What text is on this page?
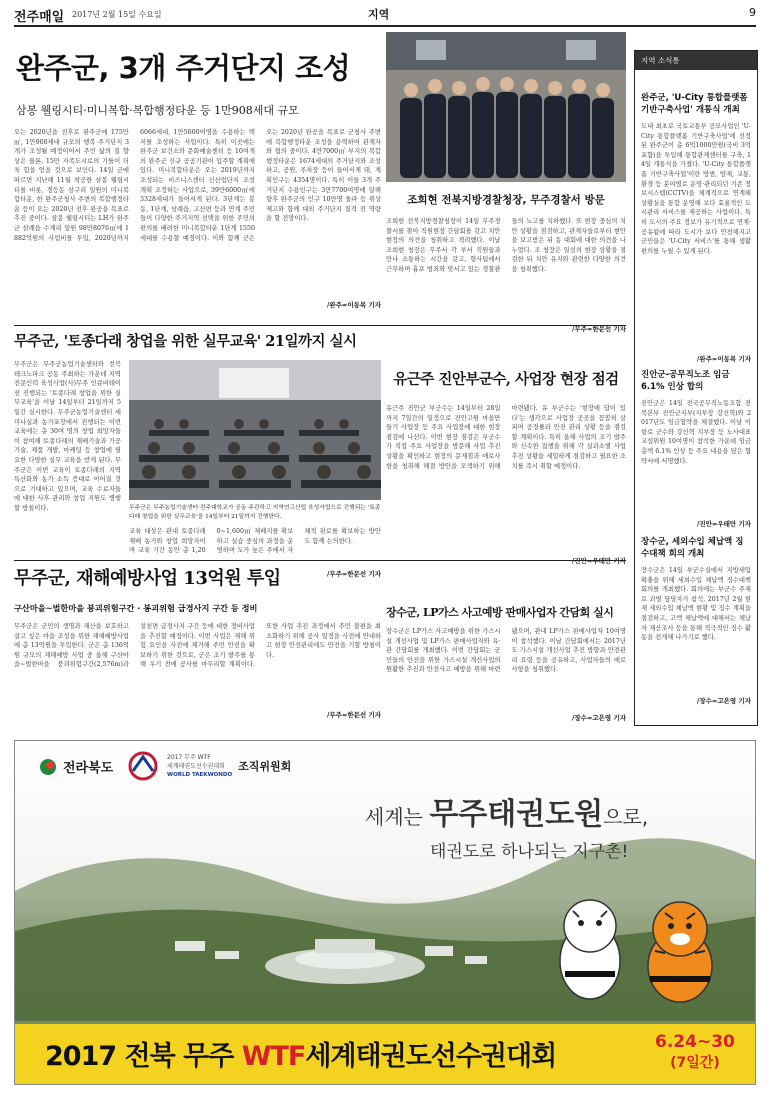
전주매일 2017년 2월 15일 수요일	지역	9
완주군, 3개 주거단지 조성
삼봉 웰링시티·미니복합·복합행정타운 등 1만908세대 규모
오는 2020년을 전후로 완주군에 175만㎡, 1만908세대 규모의 행복 주거단지 3개가 조성될 예정이어서 주민 삶의 질 향상은 물론, 15만 자족도시로의 기틀이 더욱 힘을 얻을 것으로 보인다. 14일 군에 따르면 지난해 11월 착공한 삼봉 웰링시티를 비롯, 경등동 삼구리 일원의 미니복합타운, 한 완주군청사 주변의 복합행정타운 등이 오는 2020년 전후 완공을 목표로 추진 중이다. 삼봉 웰링시티는 LH가 완주군 삼례읍 수계리 일원 98만8076㎡에 1882억원의 사업비를 투입, 2020년까지 6066세대, 1만5000여명을 수용하는 택지를 조성하는 사업이다. 특히 이곳에는 완주군 보건소와 문화예술센터 등 10여개의 완주군 신규 공공기관이 입주할 계획에 있다. 미니복합타운은 오는 2019년까지 조성되는 비즈니스센터 신산업단지 조성계획 조정하는 사업으로, 39만6000㎡에 3328세대가 들어서게 된다. 3단계는 봉동, 1단계, 삼례읍, 고산면 등과 연계 주민들이 다양한 주거지역 선택을 위한 주민의 편의를 배려한 미니복합타운 1단계 1550세대를 수용할 예정이다. 이와 함께 군은 오는 2020년 완공을 목표로 군청사 주변에 복합행정타운 조성을 용역하여 관계자와 협의 중이다. 4만7000㎡ 부지의 복합행정타운은 1674세대의 주거단지와 조성하고, 공원, 주차장 등이 들어서게 돼, 계획인구는 4354명이다. 특히 이들 3개 주거단지 수용인구는 3만7700여명에 달해 향후 완주군의 인구 10만명 돌파 등 위상 제고와 함께 대외 주거단지 질적 전 역량을 할 전망이다.
/완주=이동복 기자
조희현 전북지방경찰청장, 무주경찰서 방문
조희현 전북지방경찰청장이 14일 무주경찰서를 찾아 직원현장 간담회를 갖고 치안현장의 의견을 청취하고 격려했다. 이날 조희현 청장은 무주서 각 부서 직원들과 만나 소통하는 시간을 갖고, 형사팀에서 근무하며 흉포 범죄와 맞서고 있는 경찰관들의 노고를 치하했다. 또 현장 중심의 치안 상황을 점검하고, 관계자들로부터 현안을 보고받은 뒤 동 대회에 대한 의견을 나누었다. 조 청장은 일선의 현장 상황을 점검한 뒤 치안 유지와 관련한 다양한 의견을 청취했다.
/무주=한문선 기자
지역 소식통
완주군, 'U-City 통합플랫폼 기반구축사업' 개통식 개최
도내 최초로 국토교통부 공모사업인 'U-City 통합플랫폼 기반구축사업'에 선정된 완주군이 총 6억1000만원(국비 3억 포함)을 투입해 통합관제센터를 구축, 14일 개통식을 가졌다. 'U-City 통합플랫폼 기반구축사업'이란 방범, 방재, 교통, 환경 등 분야별로 운영·관리되던 기존 정보시스템(CCTV)을 체계적으로 연계해 상황실을 통합 운영해 보다 효율적인 도시관리 서비스를 제공하는 사업이다. 특히 도시의 주요 정보가 유기적으로 연계·공유됨에 따라 도시가 보다 안전해지고 군민들은 'U-City 서비스'를 통해 생활편의를 누릴 수 있게 된다.
/완주=이동복 기자
진안군-공무직노조 임금 6.1% 인상 합의
진안군은 14일 전국공무직노동조합 전북본부 진안군지부(지부장 강신혁)와 2017년도 임금협약을 체결했다. 이날 이항로 군수와 강신혁 지부장 등 노사대표 교섭위원 10여명이 참석한 가운데 임금총액 6.1% 인상 등 주요 내용을 담은 협약서에 서명했다.
/진안=우태만 기자
장수군, 세외수입 체납액 징수대책 회의 개최
장수군은 14일 부군수실에서 지방세입 확충을 위해 세외수입 체납액 징수대책 회의를 개최했다. 회의에는 부군수 주재로 과별 담당자가 참석, 2017년 2월 현재 세외수입 체납액 현황 및 징수 계획을 점검하고, 고액 체납액에 대해서는 체납자 재산조사 등을 통해 적극적인 징수 활동을 전개해 나가기로 했다.
/장수=고은영 기자
무주군, '토종다래 창업을 위한 실무교육' 21일까지 실시
무주군은 무주군농업기술센터와 전북테크노파크 공동 주최하는 가운데 지역전문인력 육성사업(사)무주 인큐비테이션 진행되는 '토종다래 창업을 위한 실무교육'을 이날 14일부터 21일까지 5일간 실시한다. 무주군농업기술센터 세미나실과 농가포장에서 진행되는 이번 교육에는 총 30여 명의 창업 희망자들이 참여해 토종다래의 재배기술과 가공기술, 제품 개발, 마케팅 등 창업에 필요한 다양한 실무 교육을 받게 된다. 무주군은 이번 교육이 토종다래의 지역 특산화와 농가 소득 증대로 이어질 것으로 기대하고 있으며, 교육 수료자들에 대한 사후 관리와 창업 지원도 병행할 방침이다.	무주군은 무주농업기술센터·전주대학교가 공동 주관하고 지역연고산업 육성사업으로 진행되는 '토종다래 창업을 위한 실무교육'을 14일부터 21일까지 진행한다.
교육 대상은 관내 토종다래 재배 농가와 창업 희망자이며 교육 기간 동안 총 1,200~1,600㎡ 재배지를 확보하고 실습 중심의 과정을 운영하며 도가 높은 주에서 자체적 판로를 확보하는 방안도 함께 논의한다.
/무주=한문선 기자
유근주 진안부군수, 사업장 현장 점검
유근주 진안군 부군수는 14일부터 28일까지 7일간의 일정으로 진안고원 마을만들기 사업장 등 주요 사업장에 대한 현장 점검에 나선다. 이번 현장 점검은 부군수가 직접 주요 사업장을 방문해 사업 추진 상황을 확인하고 현장의 문제점과 애로사항을 청취해 해결 방안을 모색하기 위해 마련됐다. 유 부군수는 '현장에 답이 있다'는 생각으로 사업장 곳곳을 꼼꼼히 살피며 공정률과 안전 관리 상황 등을 점검할 계획이다. 특히 올해 사업의 조기 발주와 신속한 집행을 위해 각 실과소별 사업 추진 상황을 세밀하게 점검하고 필요한 조치를 즉시 취할 예정이다.
/진안=우태만 기자
무주군, 재해예방사업 13억원 투입
구산마을~벌한마을 붕괴위험구간 · 봉괴위험 급경사지 구간 등 정비
무주군은 군민의 생명과 재산을 보호하고 살고 싶은 마을 조성을 위한 재해예방사업에 총 13억원을 투입한다. 군은 총 136억원 규모의 재해예방 사업 중 올해 구산마을~벌한마을 붕괴위험구간(2,576m)과 설천면 급경사지 구간 등에 대한 정비사업을 추진할 예정이다. 이번 사업은 재해 위험 요인을 사전에 제거해 주민 안전을 확보하기 위한 것으로, 군은 조기 발주를 통해 우기 전에 공사를 마무리할 계획이다. 또한 사업 추진 과정에서 주민 불편을 최소화하기 위해 공사 일정을 사전에 안내하고 현장 안전관리에도 만전을 기할 방침이다.
/무주=한문선 기자
장수군, LP가스 사고예방 판매사업자 간담회 실시
장수군은 LP가스 사고예방을 위한 가스시설 개선사업 및 LP가스 판매사업자와 유·관 간담회를 개최했다. 이번 간담회는 군민들의 안전을 위한 가스시설 개선사업의 원활한 추진과 안전사고 예방을 위해 마련됐으며, 관내 LP가스 판매사업자 10여명이 참석했다. 이날 간담회에서는 2017년도 가스시설 개선사업 추진 방향과 안전관리 요령 등을 공유하고, 사업자들의 애로사항을 청취했다.
/장수=고은영 기자
전라북도
2017 무주 WTF
세계태권도선수권대회
WORLD TAEKWONDO
조직위원회
세계는 무주태권도원으로,
태권도로 하나되는 지구촌!
2017 전북 무주 WTF세계태권도선수권대회	6.24~30
(7일간)
